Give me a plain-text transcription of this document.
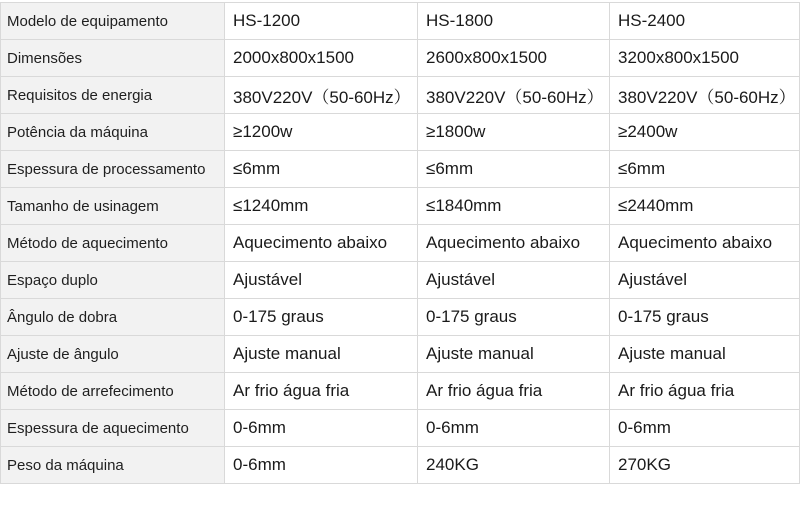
Modelo de equipamento	HS-1200	HS-1800	HS-2400
Dimensões	2000x800x1500	2600x800x1500	3200x800x1500
Requisitos de energia	380V220V（50-60Hz）	380V220V（50-60Hz）	380V220V（50-60Hz）
Potência da máquina	≥1200w	≥1800w	≥2400w
Espessura de processamento	≤6mm	≤6mm	≤6mm
Tamanho de usinagem	≤1240mm	≤1840mm	≤2440mm
Método de aquecimento	Aquecimento abaixo	Aquecimento abaixo	Aquecimento abaixo
Espaço duplo	Ajustável	Ajustável	Ajustável
Ângulo de dobra	0-175 graus	0-175 graus	0-175 graus
Ajuste de ângulo	Ajuste manual	Ajuste manual	Ajuste manual
Método de arrefecimento	Ar frio água fria	Ar frio água fria	Ar frio água fria
Espessura de aquecimento	0-6mm	0-6mm	0-6mm
Peso da máquina	0-6mm	240KG	270KG
